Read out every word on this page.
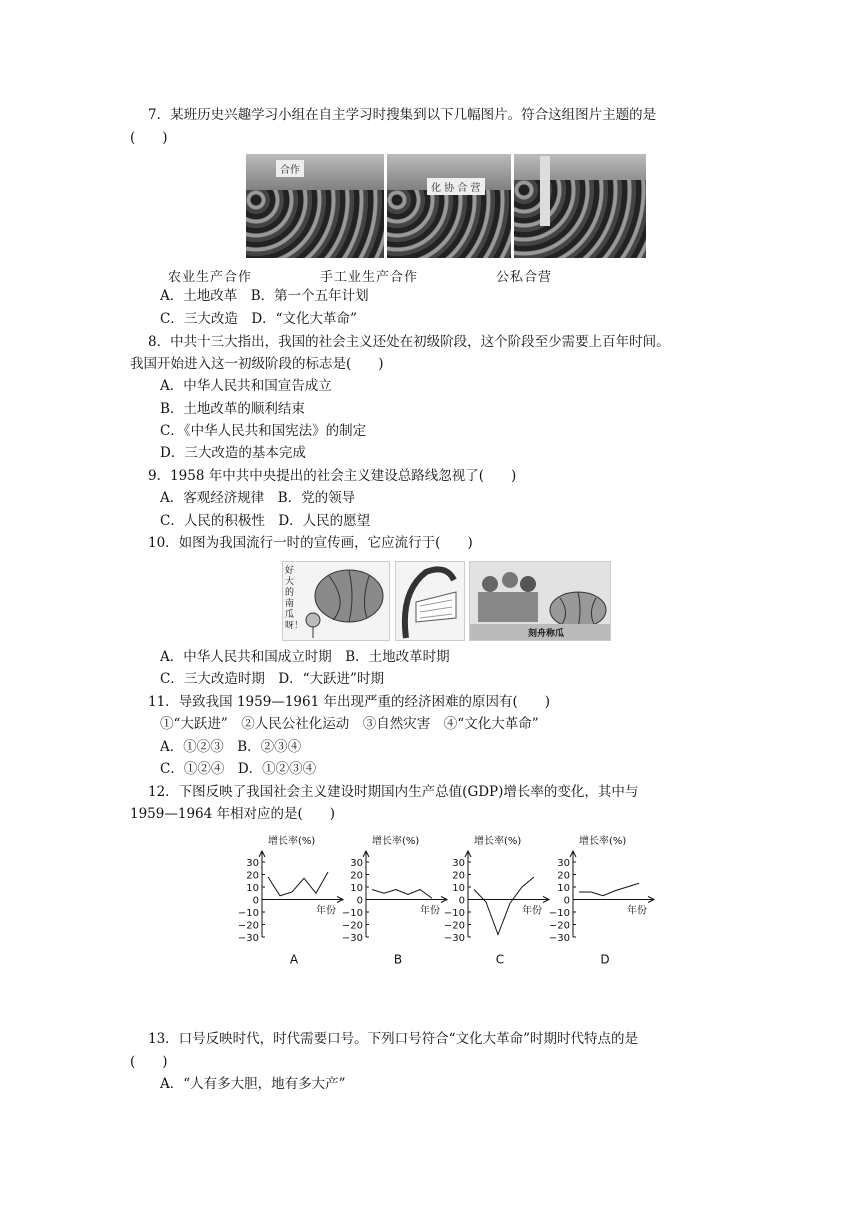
7．某班历史兴趣学习小组在自主学习时搜集到以下几幅图片。符合这组图片主题的是
(　　)
合作
化 协 合 营
农业生产合作	手工业生产合作	公私合营
A．土地改革　B．第一个五年计划
C．三大改造　D．“文化大革命”
8．中共十三大指出，我国的社会主义还处在初级阶段，这个阶段至少需要上百年时间。
我国开始进入这一初级阶段的标志是(　　)
A．中华人民共和国宣告成立
B．土地改革的顺利结束
C．《中华人民共和国宪法》的制定
D．三大改造的基本完成
9．1958 年中共中央提出的社会主义建设总路线忽视了(　　)
A．客观经济规律　B．党的领导
C．人民的积极性　D．人民的愿望
10．如图为我国流行一时的宣传画，它应流行于(　　)
好大的南瓜呀！
刻舟称瓜
A．中华人民共和国成立时期　B．土地改革时期
C．三大改造时期　D．“大跃进”时期
11．导致我国 1959—1961 年出现严重的经济困难的原因有(　　)
①“大跃进”　②人民公社化运动　③自然灾害　④“文化大革命”
A．①②③　B．②③④
C．①②④　D．①②③④
12．下图反映了我国社会主义建设时期国内生产总值(GDP)增长率的变化，其中与
1959—1964 年相对应的是(　　)
30
20
10
0
−10
−20
−30
增长率(%)
年份
A
30
20
10
0
−10
−20
−30
增长率(%)
年份
B
30
20
10
0
−10
−20
−30
增长率(%)
年份
C
30
20
10
0
−10
−20
−30
增长率(%)
年份
D
13．口号反映时代，时代需要口号。下列口号符合“文化大革命”时期时代特点的是
(　　)
A．“人有多大胆，地有多大产”
